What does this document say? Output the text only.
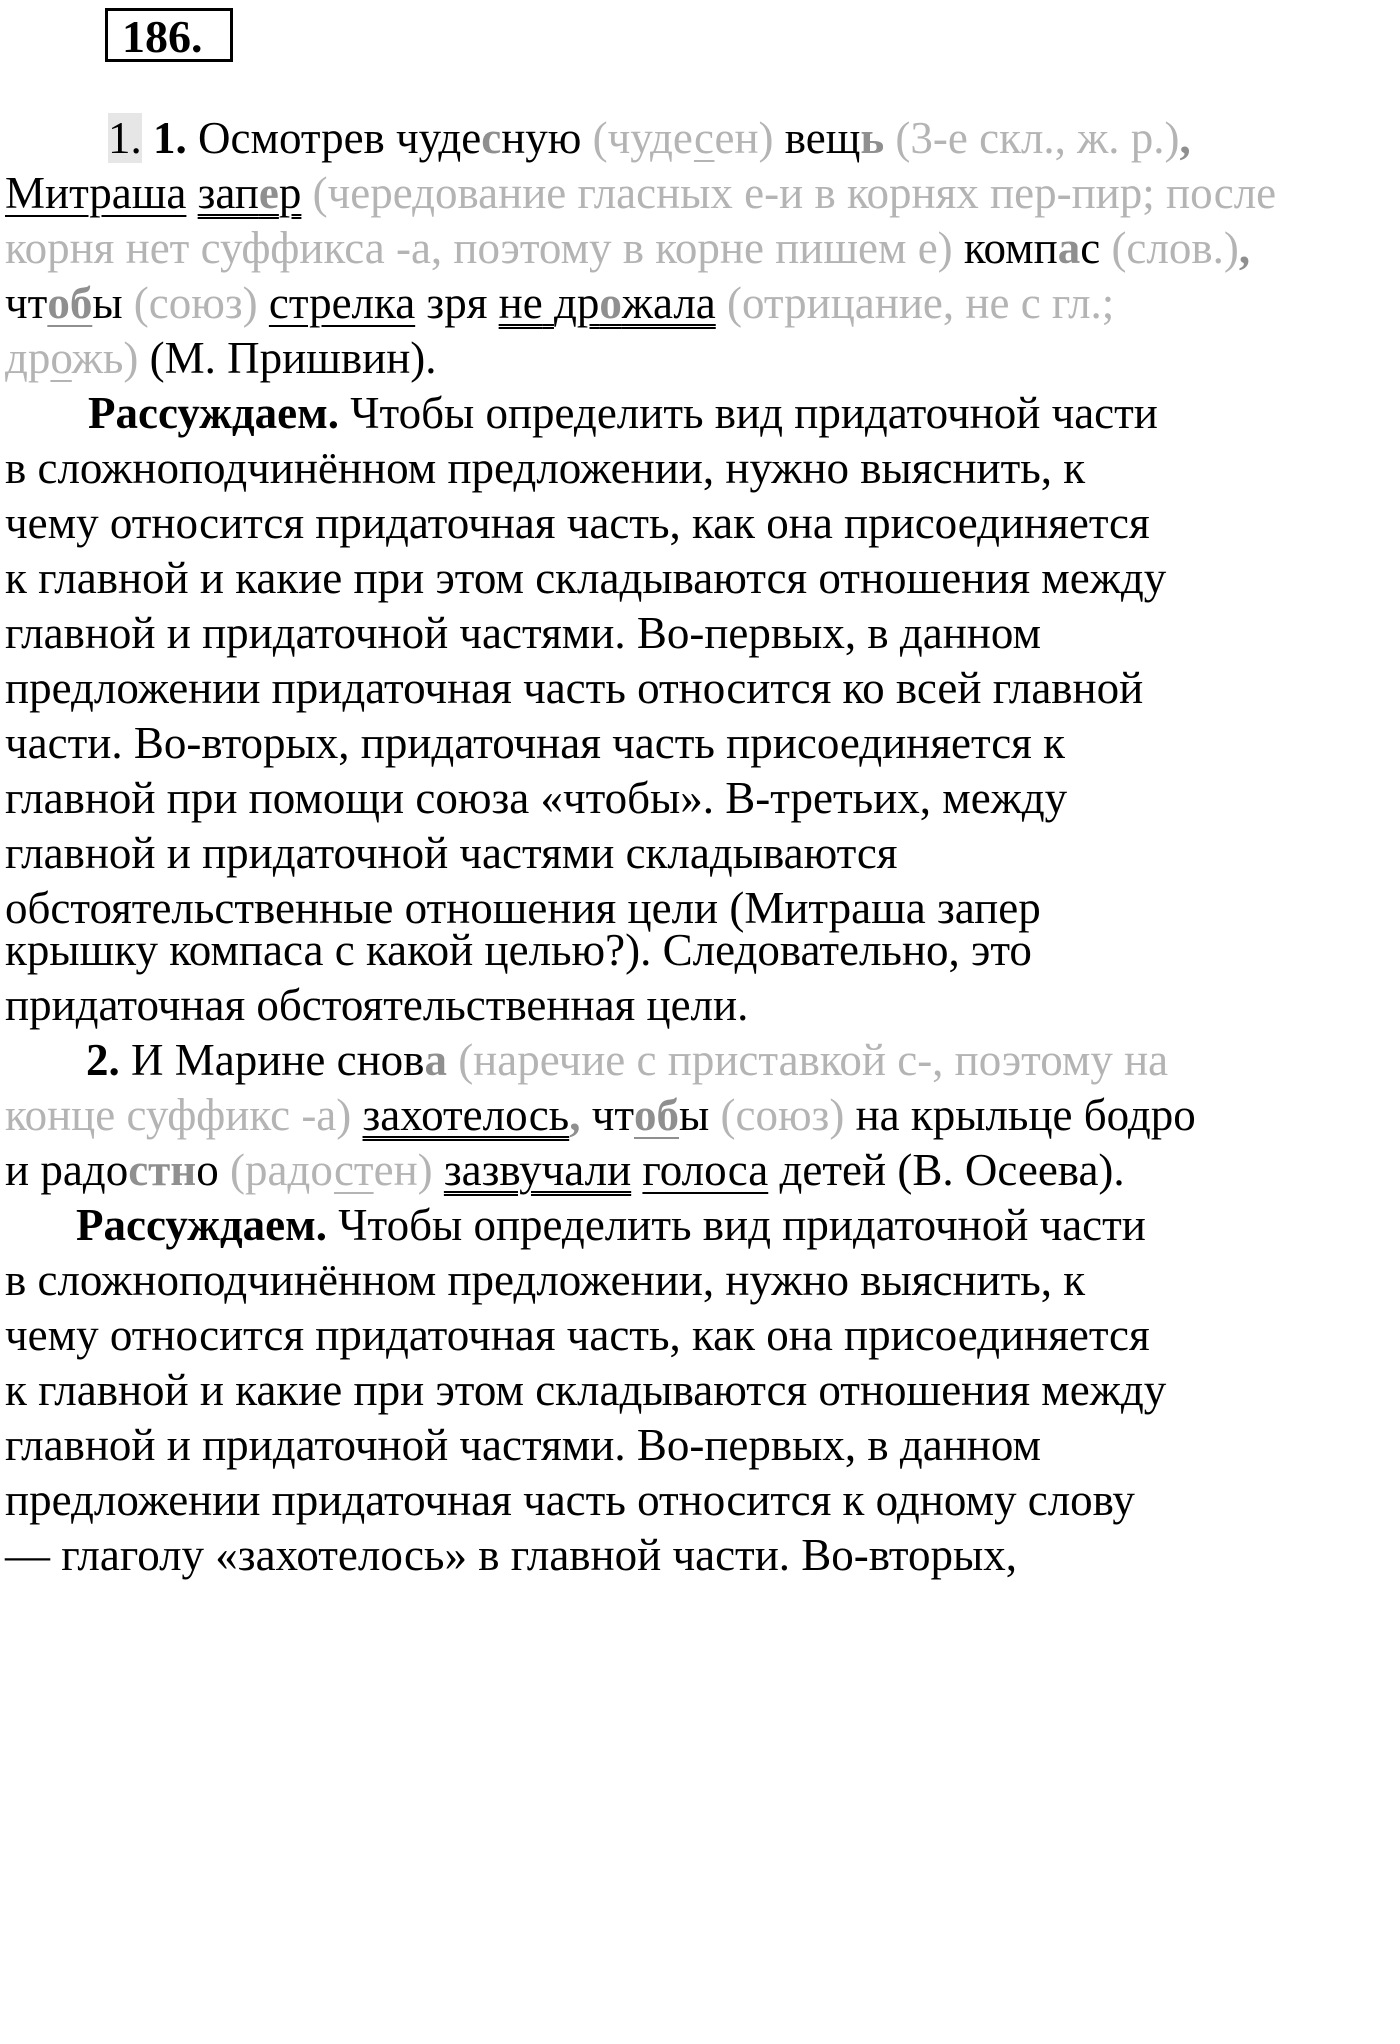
186.
1. 1. Осмотрев чудесную (чудесен) вещь (3-е скл., ж. р.),
Митраша запер (чередование гласных е-и в корнях пер-пир; после
корня нет суффикса -а, поэтому в корне пишем е) компас (слов.),
чтобы (союз) стрелка зря не дрожала (отрицание, не с гл.;
дрожь) (М. Пришвин).
Рассуждаем. Чтобы определить вид придаточной части
в сложноподчинённом предложении, нужно выяснить, к
чему относится придаточная часть, как она присоединяется
к главной и какие при этом складываются отношения между
главной и придаточной частями. Во-первых, в данном
предложении придаточная часть относится ко всей главной
части. Во-вторых, придаточная часть присоединяется к
главной при помощи союза «чтобы». В-третьих, между
главной и придаточной частями складываются
обстоятельственные отношения цели (Митраша запер
крышку компаса с какой целью?). Следовательно, это
придаточная обстоятельственная цели.
2. И Марине снова (наречие с приставкой с-, поэтому на
конце суффикс -а) захотелось, чтобы (союз) на крыльце бодро
и радостно (радостен) зазвучали голоса детей (В. Осеева).
Рассуждаем. Чтобы определить вид придаточной части
в сложноподчинённом предложении, нужно выяснить, к
чему относится придаточная часть, как она присоединяется
к главной и какие при этом складываются отношения между
главной и придаточной частями. Во-первых, в данном
предложении придаточная часть относится к одному слову
— глаголу «захотелось» в главной части. Во-вторых,
